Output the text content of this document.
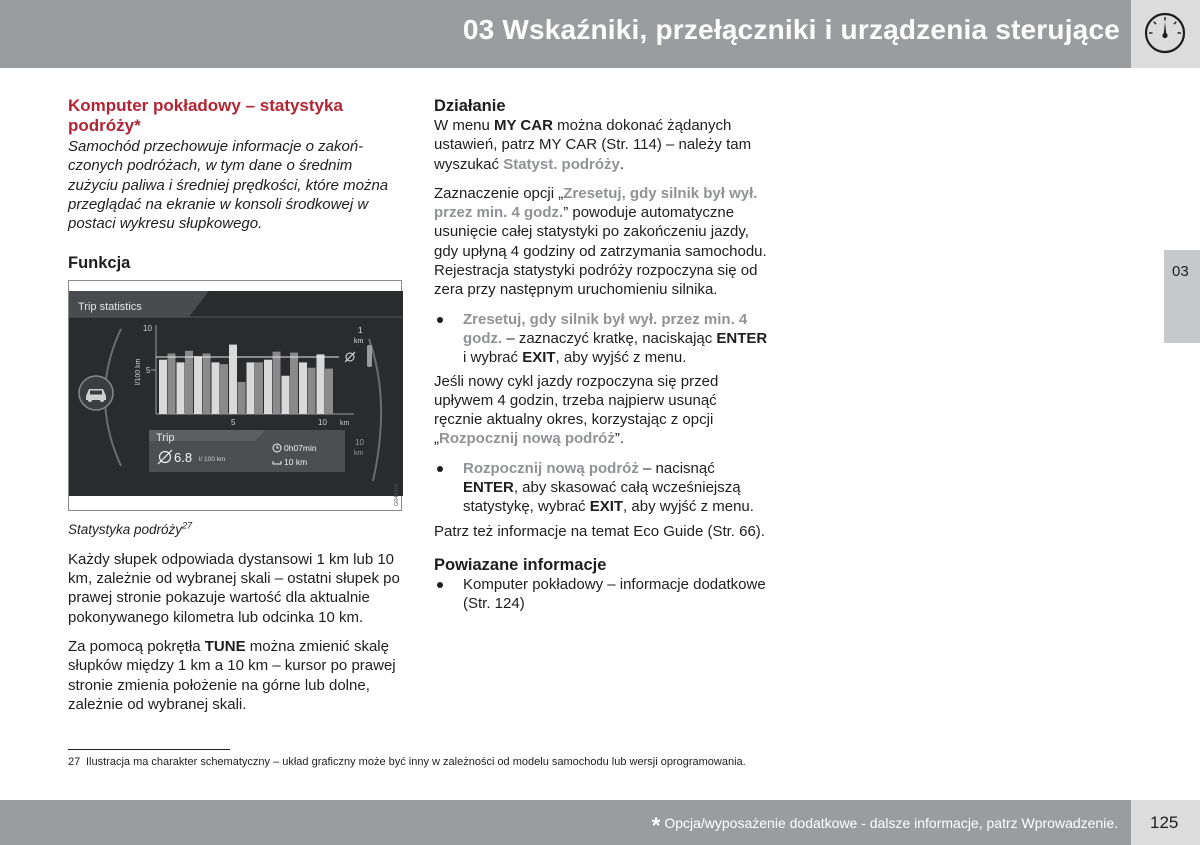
03 Wskaźniki, przełączniki i urządzenia sterujące
03
Komputer pokładowy – statystyka podróży*

Samochód przechowuje informacje o zakończonych podróżach, w tym dane o średnim zużyciu paliwa i średniej prędkości, które można przeglądać na ekranie w konsoli środkowej w postaci wykresu słupkowego.

Funkcja
Trip statistics
10
5
l/100 km
5	10 km
1
km
10
km
Trip
6.8 l/ 100 km
0h07min
10 km
G046365

Statystyka podróży$^{27}$

Każdy słupek odpowiada dystansowi 1 km lub 10 km, zależnie od wybranej skali – ostatni słupek po prawej stronie pokazuje wartość dla aktualnie pokonywanego kilometra lub odcinka 10 km.

Za pomocą pokrętła TUNE można zmienić skalę słupków między 1 km a 10 km – kursor po prawej stronie zmienia położenie na górne lub dolne, zależnie od wybranej skali.

Działanie

W menu MY CAR można dokonać żądanych ustawień, patrz MY CAR (Str. 114) – należy tam wyszukać Statyst. podróży.

Zaznaczenie opcji „Zresetuj, gdy silnik był wył. przez min. 4 godz.” powoduje automatyczne usunięcie całej statystyki po zakończeniu jazdy, gdy upłyną 4 godziny od zatrzymania samochodu. Rejestracja statystyki podróży rozpoczyna się od zera przy następnym uruchomieniu silnika.

Zresetuj, gdy silnik był wył. przez min. 4 godz. – zaznaczyć kratkę, naciskając ENTER i wybrać EXIT, aby wyjść z menu.

Jeśli nowy cykl jazdy rozpoczyna się przed upływem 4 godzin, trzeba najpierw usunąć ręcznie aktualny okres, korzystając z opcji „Rozpocznij nową podróż”.

Rozpocznij nową podróż – nacisnąć ENTER, aby skasować całą wcześniejszą statystykę, wybrać EXIT, aby wyjść z menu.

Patrz też informacje na temat Eco Guide (Str. 66).

Powiazane informacje

Komputer pokładowy – informacje dodatkowe (Str. 124)

27 Ilustracja ma charakter schematyczny – układ graficzny może być inny w zależności od modelu samochodu lub wersji oprogramowania.
* Opcja/wyposażenie dodatkowe - dalsze informacje, patrz Wprowadzenie. 125
